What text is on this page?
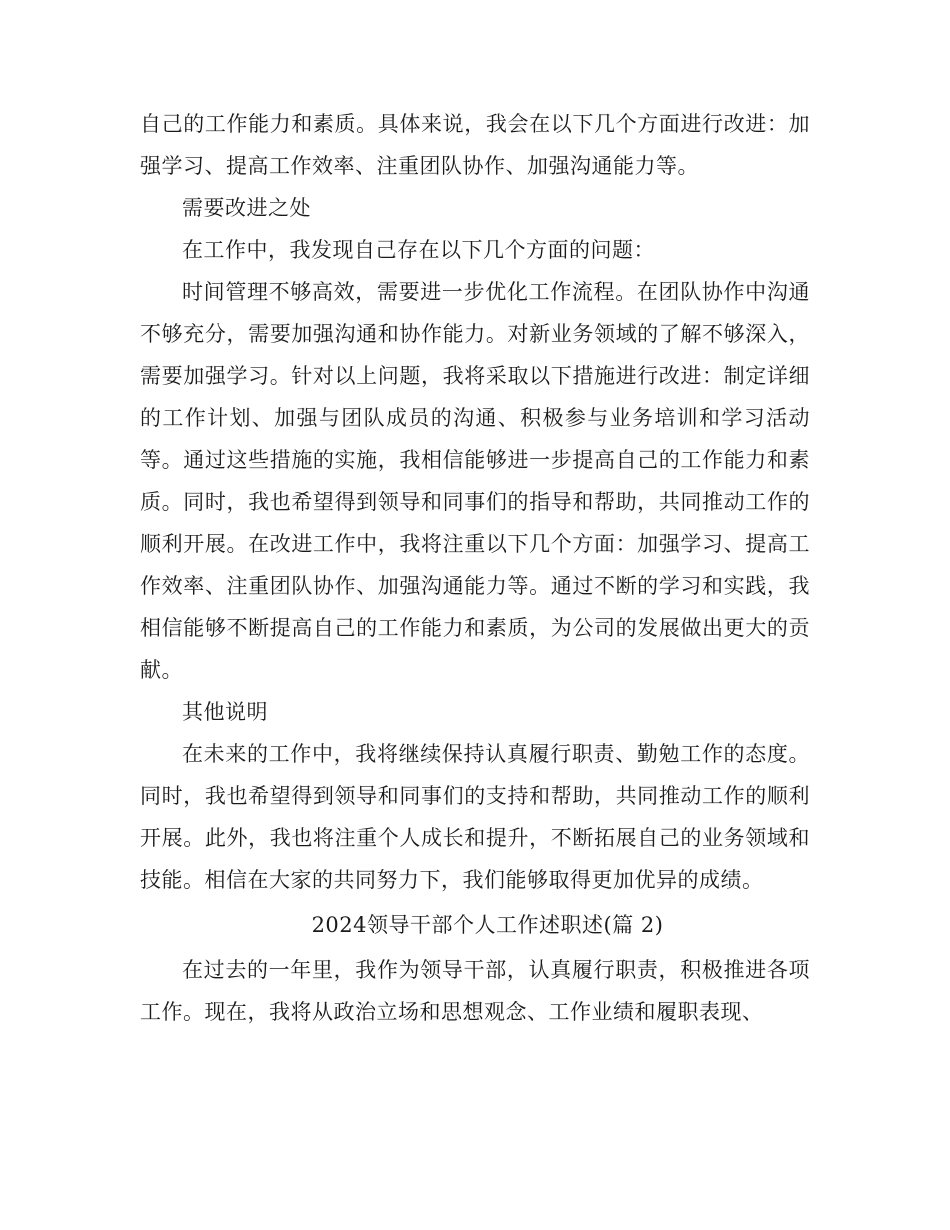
自己的工作能力和素质。具体来说，我会在以下几个方面进行改进：加强学习、提高工作效率、注重团队协作、加强沟通能力等。

需要改进之处

在工作中，我发现自己存在以下几个方面的问题：

时间管理不够高效，需要进一步优化工作流程。在团队协作中沟通不够充分，需要加强沟通和协作能力。对新业务领域的了解不够深入，需要加强学习。针对以上问题，我将采取以下措施进行改进：制定详细的工作计划、加强与团队成员的沟通、积极参与业务培训和学习活动等。通过这些措施的实施，我相信能够进一步提高自己的工作能力和素质。同时，我也希望得到领导和同事们的指导和帮助，共同推动工作的顺利开展。在改进工作中，我将注重以下几个方面：加强学习、提高工作效率、注重团队协作、加强沟通能力等。通过不断的学习和实践，我相信能够不断提高自己的工作能力和素质，为公司的发展做出更大的贡献。

其他说明

在未来的工作中，我将继续保持认真履行职责、勤勉工作的态度。同时，我也希望得到领导和同事们的支持和帮助，共同推动工作的顺利开展。此外，我也将注重个人成长和提升，不断拓展自己的业务领域和技能。相信在大家的共同努力下，我们能够取得更加优异的成绩。

2024领导干部个人工作述职述(篇 2)

在过去的一年里，我作为领导干部，认真履行职责，积极推进各项工作。现在，我将从政治立场和思想观念、工作业绩和履职表现、
